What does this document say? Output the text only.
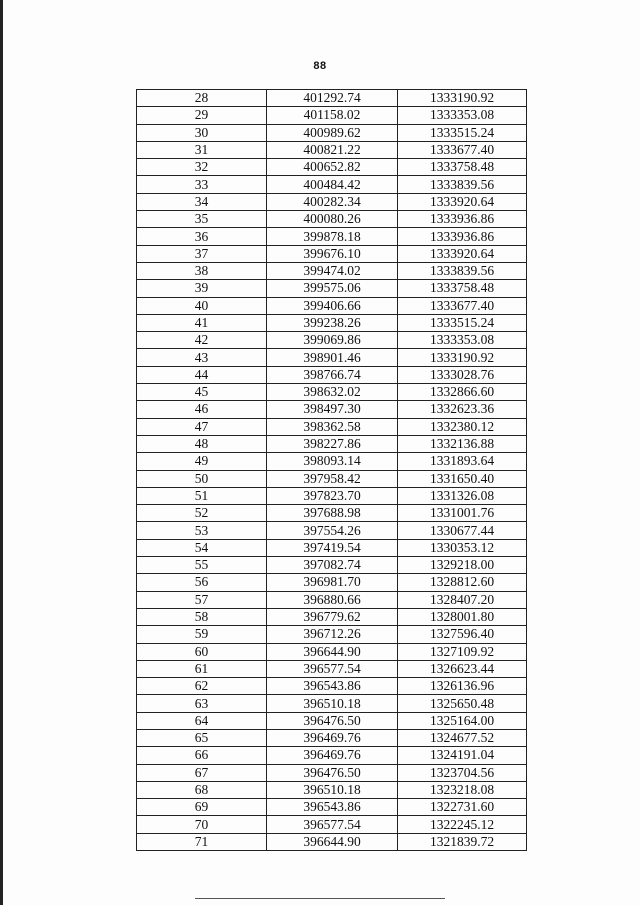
88
28	401292.74	1333190.92
29	401158.02	1333353.08
30	400989.62	1333515.24
31	400821.22	1333677.40
32	400652.82	1333758.48
33	400484.42	1333839.56
34	400282.34	1333920.64
35	400080.26	1333936.86
36	399878.18	1333936.86
37	399676.10	1333920.64
38	399474.02	1333839.56
39	399575.06	1333758.48
40	399406.66	1333677.40
41	399238.26	1333515.24
42	399069.86	1333353.08
43	398901.46	1333190.92
44	398766.74	1333028.76
45	398632.02	1332866.60
46	398497.30	1332623.36
47	398362.58	1332380.12
48	398227.86	1332136.88
49	398093.14	1331893.64
50	397958.42	1331650.40
51	397823.70	1331326.08
52	397688.98	1331001.76
53	397554.26	1330677.44
54	397419.54	1330353.12
55	397082.74	1329218.00
56	396981.70	1328812.60
57	396880.66	1328407.20
58	396779.62	1328001.80
59	396712.26	1327596.40
60	396644.90	1327109.92
61	396577.54	1326623.44
62	396543.86	1326136.96
63	396510.18	1325650.48
64	396476.50	1325164.00
65	396469.76	1324677.52
66	396469.76	1324191.04
67	396476.50	1323704.56
68	396510.18	1323218.08
69	396543.86	1322731.60
70	396577.54	1322245.12
71	396644.90	1321839.72
